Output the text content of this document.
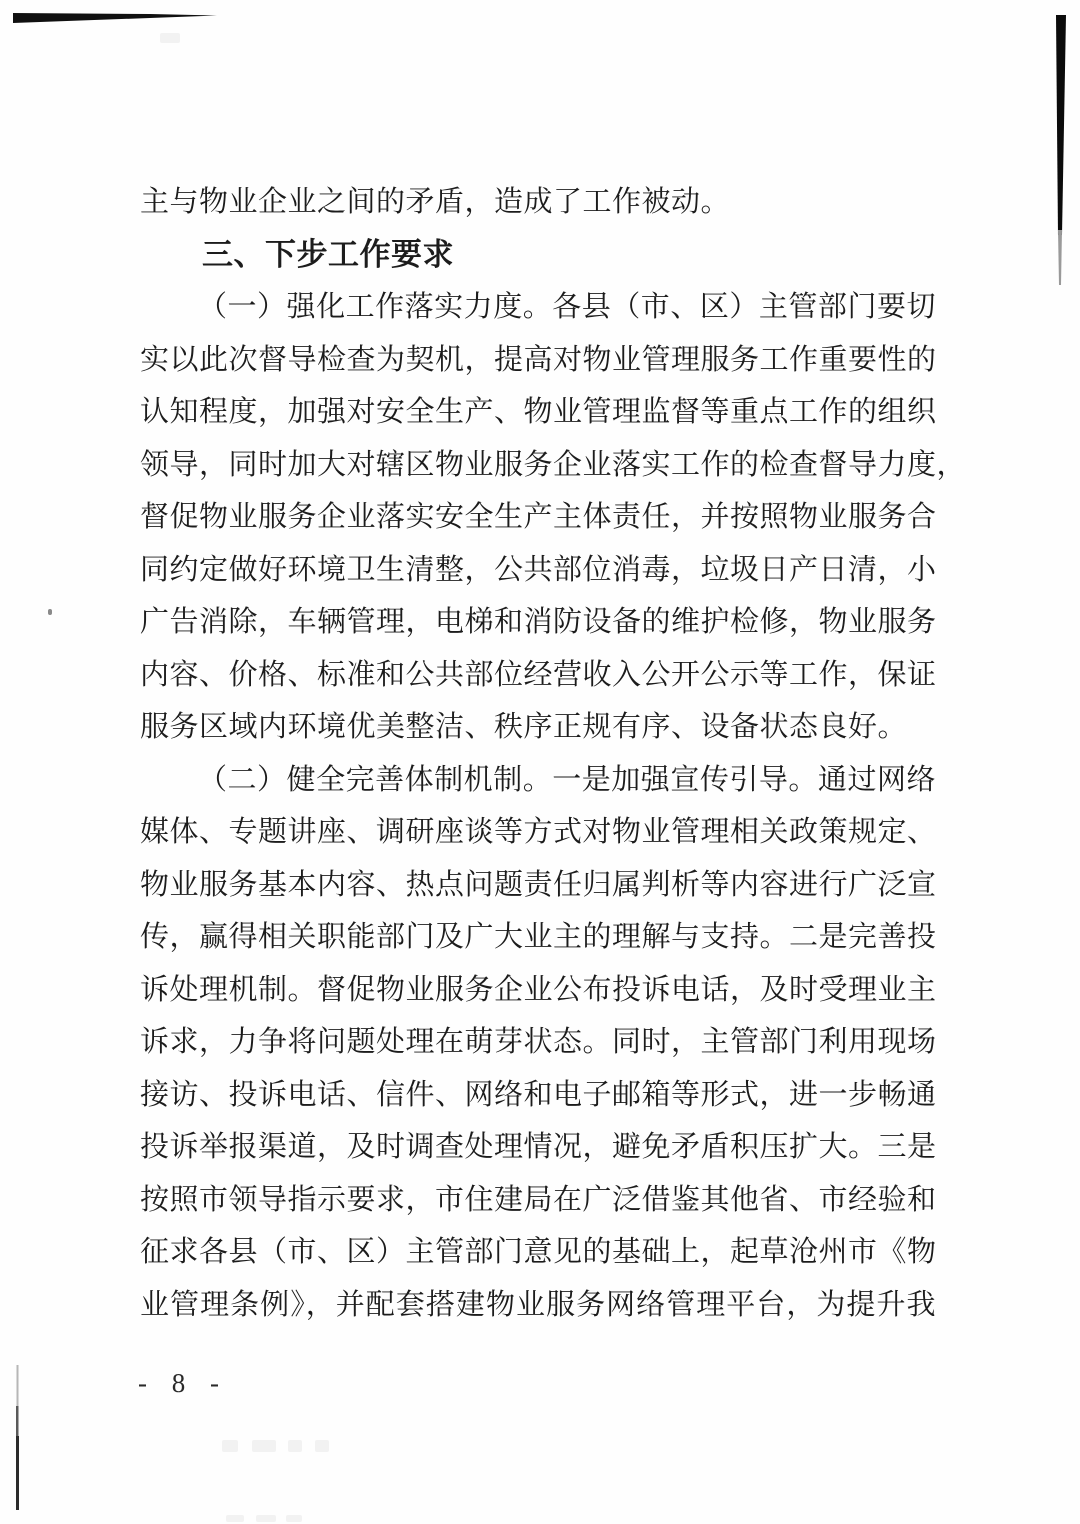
主与物业企业之间的矛盾，造成了工作被动。
三、下步工作要求
（一）强化工作落实力度。各县（市、区）主管部门要切
实以此次督导检查为契机，提高对物业管理服务工作重要性的
认知程度，加强对安全生产、物业管理监督等重点工作的组织
领导，同时加大对辖区物业服务企业落实工作的检查督导力度，
督促物业服务企业落实安全生产主体责任，并按照物业服务合
同约定做好环境卫生清整，公共部位消毒，垃圾日产日清，小
广告消除，车辆管理，电梯和消防设备的维护检修，物业服务
内容、价格、标准和公共部位经营收入公开公示等工作，保证
服务区域内环境优美整洁、秩序正规有序、设备状态良好。
（二）健全完善体制机制。一是加强宣传引导。通过网络
媒体、专题讲座、调研座谈等方式对物业管理相关政策规定、
物业服务基本内容、热点问题责任归属判析等内容进行广泛宣
传，赢得相关职能部门及广大业主的理解与支持。二是完善投
诉处理机制。督促物业服务企业公布投诉电话，及时受理业主
诉求，力争将问题处理在萌芽状态。同时，主管部门利用现场
接访、投诉电话、信件、网络和电子邮箱等形式，进一步畅通
投诉举报渠道，及时调查处理情况，避免矛盾积压扩大。三是
按照市领导指示要求，市住建局在广泛借鉴其他省、市经验和
征求各县（市、区）主管部门意见的基础上，起草沧州市《物
业管理条例》，并配套搭建物业服务网络管理平台，为提升我
- 8 -
